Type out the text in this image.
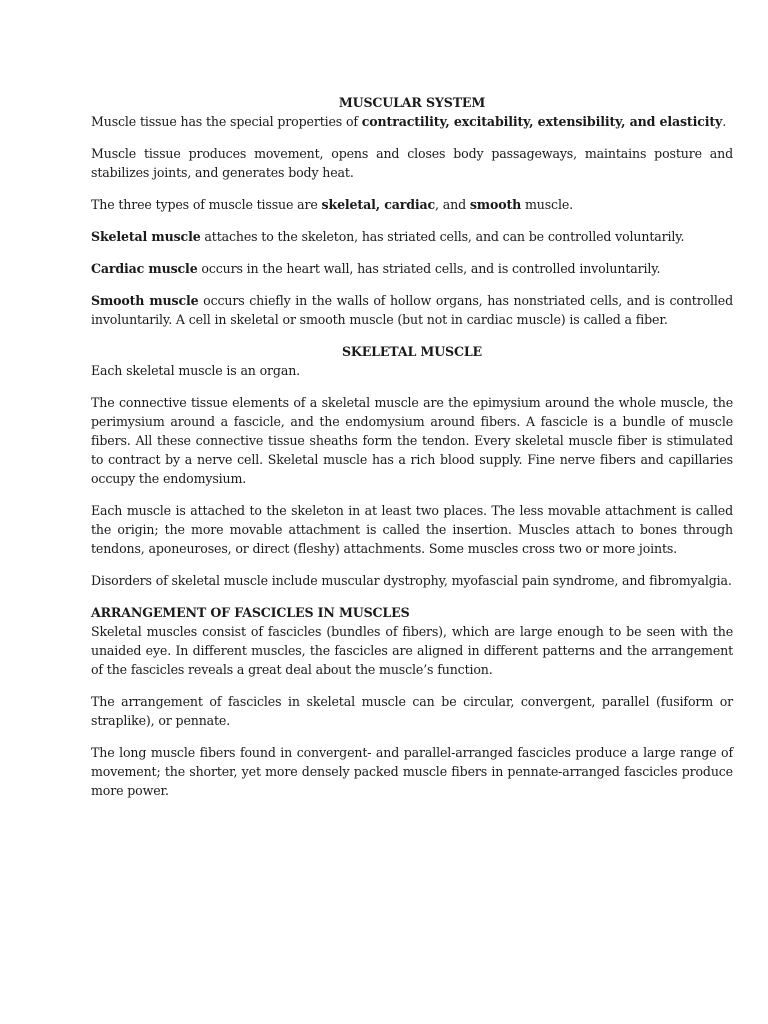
MUSCULAR SYSTEM

Muscle tissue has the special properties of contractility, excitability, extensibility, and elasticity.

Muscle tissue produces movement, opens and closes body passageways, maintains posture and stabilizes joints, and generates body heat.

The three types of muscle tissue are skeletal, cardiac, and smooth muscle.

Skeletal muscle attaches to the skeleton, has striated cells, and can be controlled voluntarily.

Cardiac muscle occurs in the heart wall, has striated cells, and is controlled involuntarily.

Smooth muscle occurs chiefly in the walls of hollow organs, has nonstriated cells, and is controlled involuntarily. A cell in skeletal or smooth muscle (but not in cardiac muscle) is called a fiber.

SKELETAL MUSCLE

Each skeletal muscle is an organ.

The connective tissue elements of a skeletal muscle are the epimysium around the whole muscle, the perimysium around a fascicle, and the endomysium around fibers. A fascicle is a bundle of muscle fibers. All these connective tissue sheaths form the tendon. Every skeletal muscle fiber is stimulated to contract by a nerve cell. Skeletal muscle has a rich blood supply. Fine nerve fibers and capillaries occupy the endomysium.

Each muscle is attached to the skeleton in at least two places. The less movable attachment is called the origin; the more movable attachment is called the insertion. Muscles attach to bones through tendons, aponeuroses, or direct (fleshy) attachments. Some muscles cross two or more joints.

Disorders of skeletal muscle include muscular dystrophy, myofascial pain syndrome, and fibromyalgia.

ARRANGEMENT OF FASCICLES IN MUSCLES

Skeletal muscles consist of fascicles (bundles of fibers), which are large enough to be seen with the unaided eye. In different muscles, the fascicles are aligned in different patterns and the arrangement of the fascicles reveals a great deal about the muscle’s function.

The arrangement of fascicles in skeletal muscle can be circular, convergent, parallel (fusiform or straplike), or pennate.

The long muscle fibers found in convergent- and parallel-arranged fascicles produce a large range of movement; the shorter, yet more densely packed muscle fibers in pennate-arranged fascicles produce more power.
